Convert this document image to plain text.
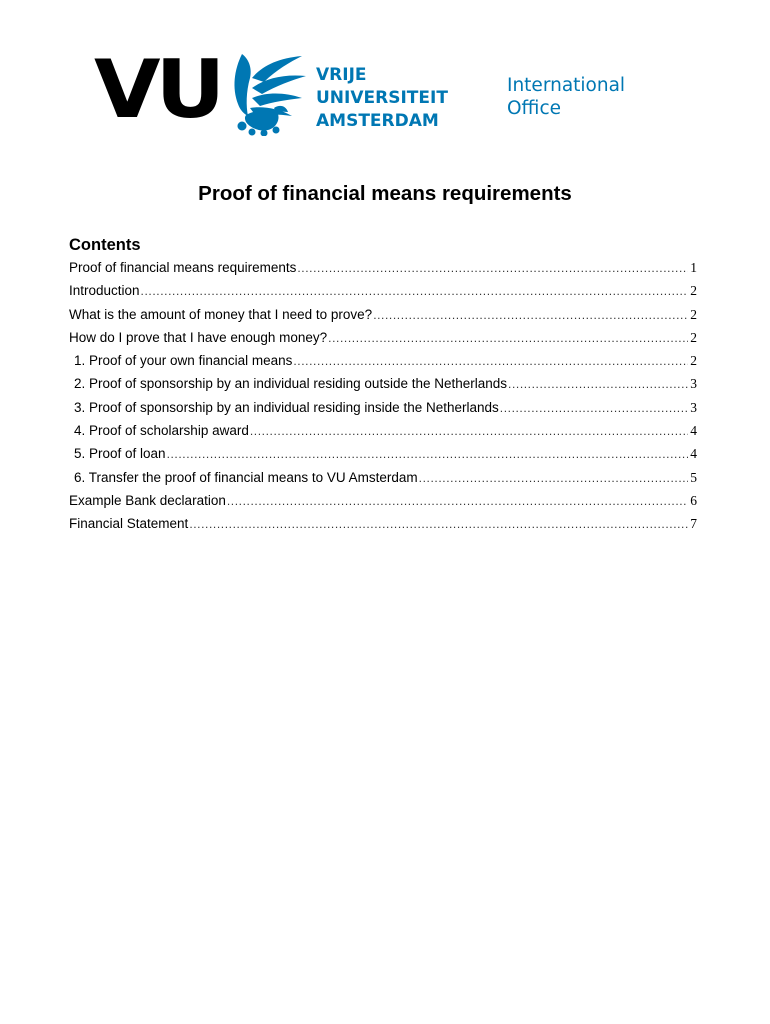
VU	VRIJE
UNIVERSITEIT
AMSTERDAM
International
Office
Proof of financial means requirements
Contents
Proof of financial means requirements .....	1
Introduction .....	2
What is the amount of money that I need to prove? .....	2
How do I prove that I have enough money? .....	2
1. Proof of your own financial means .....	2
2. Proof of sponsorship by an individual residing outside the Netherlands .....	3
3. Proof of sponsorship by an individual residing inside the Netherlands .....	3
4. Proof of scholarship award .....	4
5. Proof of loan .....	4
6. Transfer the proof of financial means to VU Amsterdam .....	5
Example Bank declaration .....	6
Financial Statement .....	7
